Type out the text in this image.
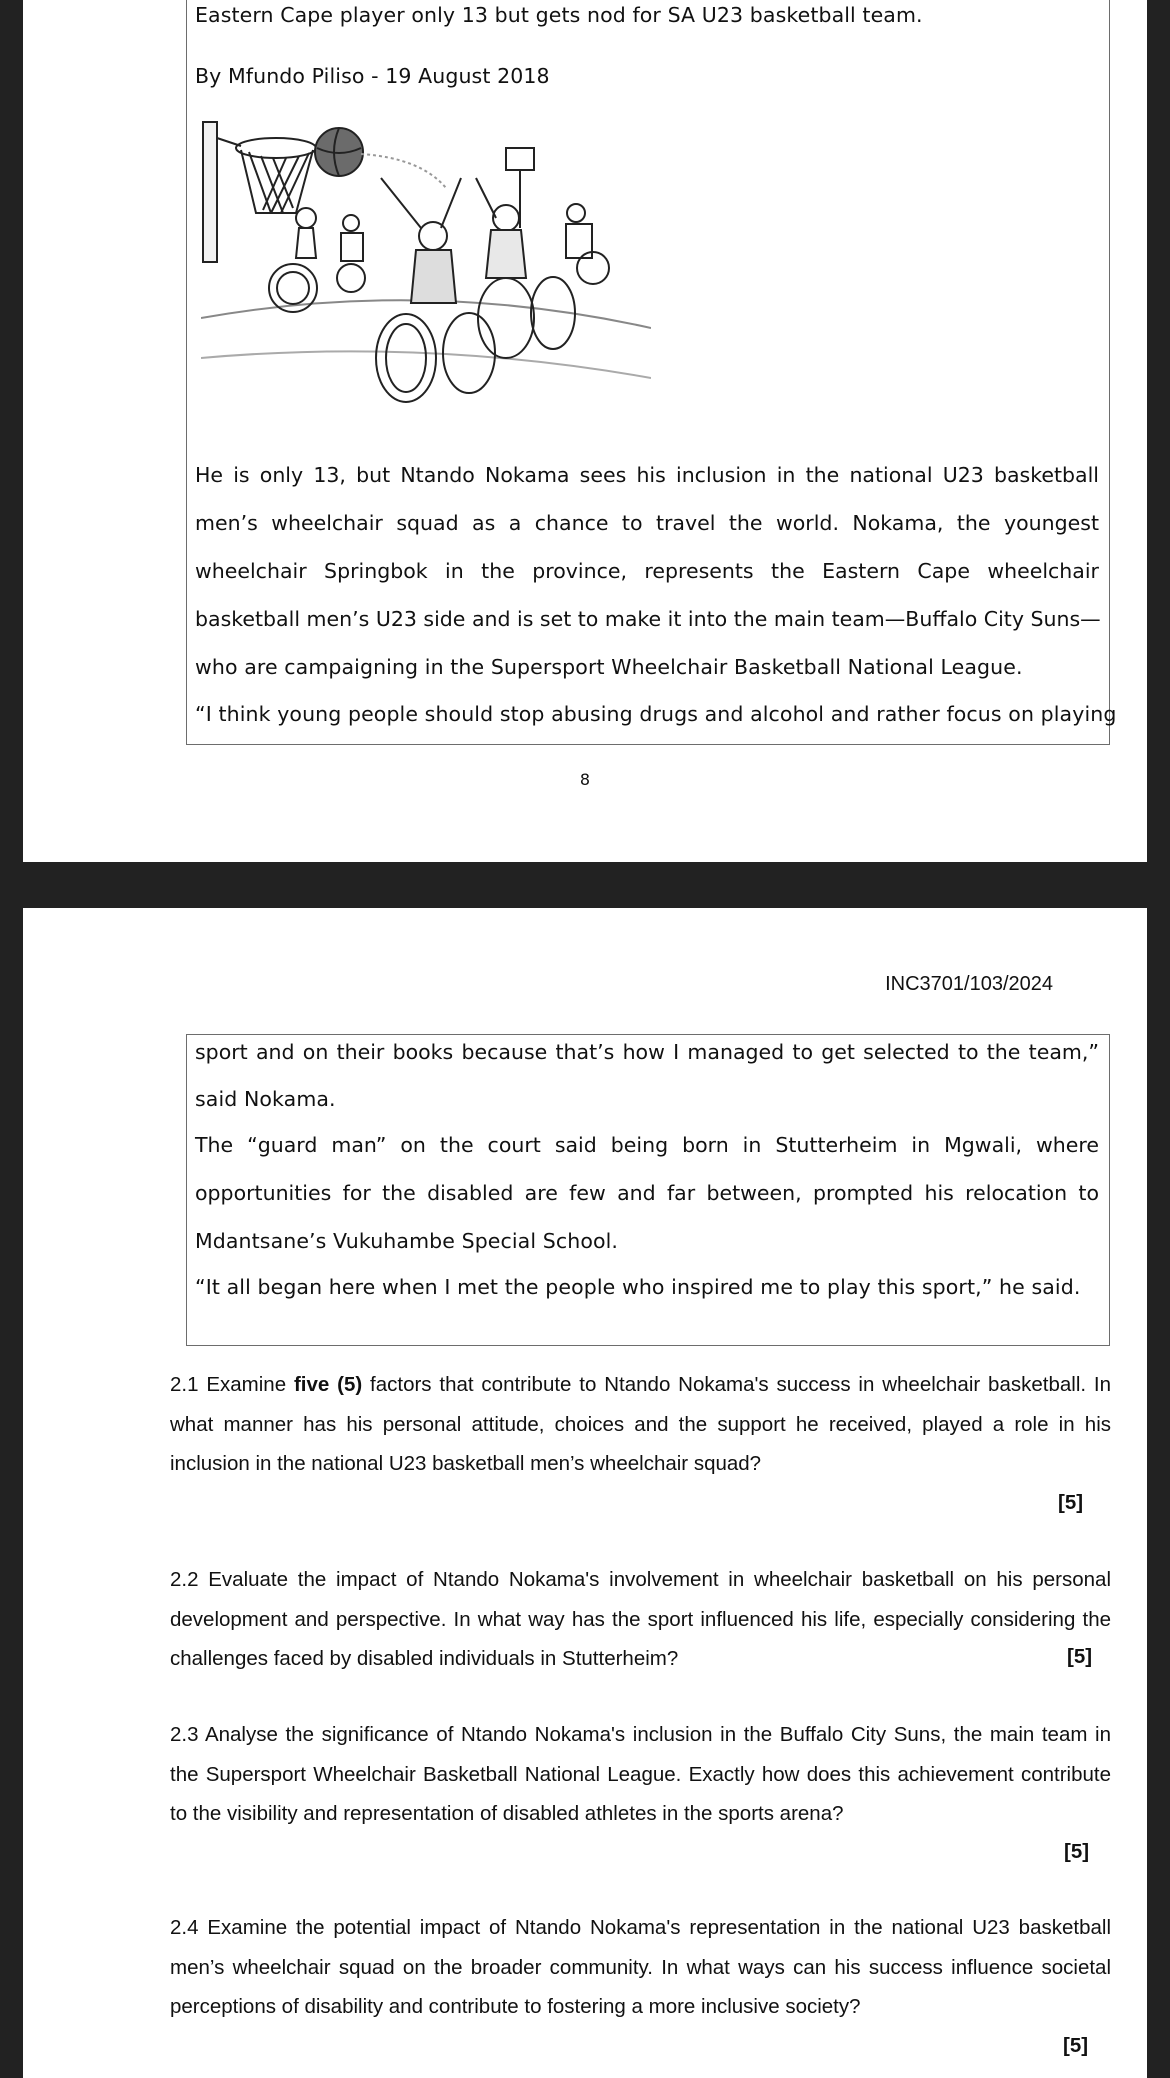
Eastern Cape player only 13 but gets nod for SA U23 basketball team.
By Mfundo Piliso - 19 August 2018
He is only 13, but Ntando Nokama sees his inclusion in the national U23 basketball
men’s wheelchair squad as a chance to travel the world. Nokama, the youngest
wheelchair Springbok in the province, represents the Eastern Cape wheelchair
basketball men’s U23 side and is set to make it into the main team—Buffalo City Suns—
who are campaigning in the Supersport Wheelchair Basketball National League.
“I think young people should stop abusing drugs and alcohol and rather focus on playing
8
INC3701/103/2024
sport and on their books because that’s how I managed to get selected to the team,”
said Nokama.
The “guard man” on the court said being born in Stutterheim in Mgwali, where
opportunities for the disabled are few and far between, prompted his relocation to
Mdantsane’s Vukuhambe Special School.
“It all began here when I met the people who inspired me to play this sport,” he said.

2.1 Examine five (5) factors that contribute to Ntando Nokama's success in wheelchair basketball. In what manner has his personal attitude, choices and the support he received, played a role in his inclusion in the national U23 basketball men’s wheelchair squad?

[5]

2.2 Evaluate the impact of Ntando Nokama's involvement in wheelchair basketball on his personal development and perspective. In what way has the sport influenced his life, especially considering the challenges faced by disabled individuals in Stutterheim?	[5]

2.3 Analyse the significance of Ntando Nokama's inclusion in the Buffalo City Suns, the main team in the Supersport Wheelchair Basketball National League. Exactly how does this achievement contribute to the visibility and representation of disabled athletes in the sports arena?

[5]

2.4 Examine the potential impact of Ntando Nokama's representation in the national U23 basketball men’s wheelchair squad on the broader community. In what ways can his success influence societal perceptions of disability and contribute to fostering a more inclusive society?

[5]
